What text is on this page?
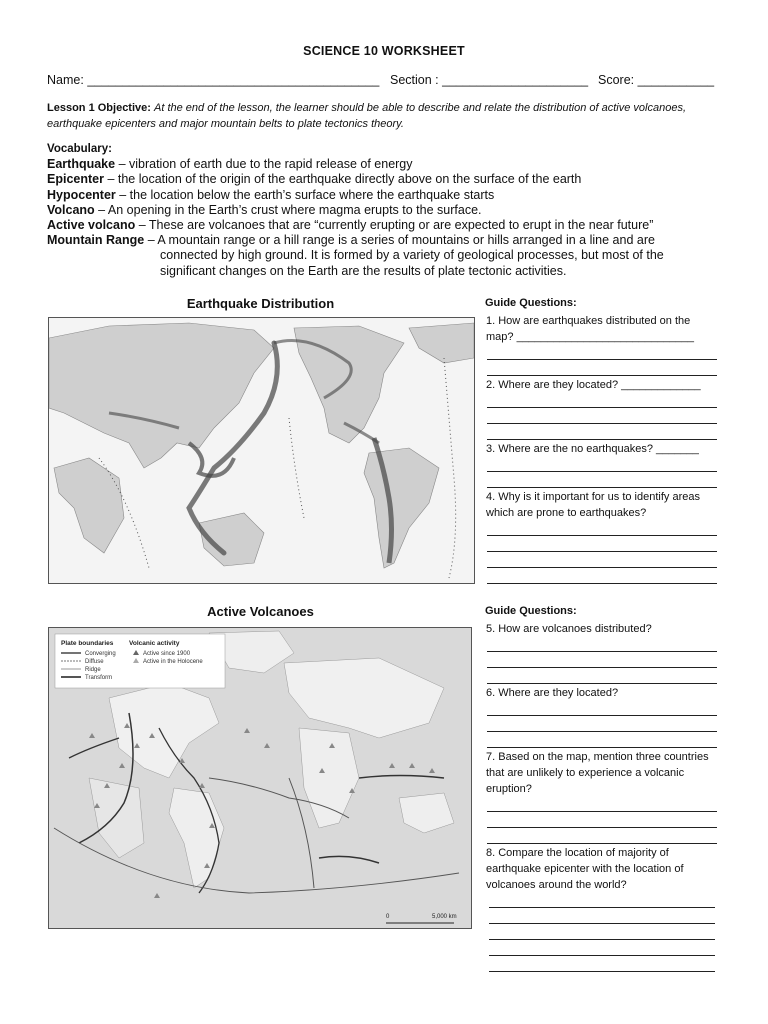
SCIENCE 10 WORKSHEET
Name: __________________________________________ Section : _____________________ Score: ___________
Lesson 1 Objective: At the end of the lesson, the learner should be able to describe and relate the distribution of active volcanoes, earthquake epicenters and major mountain belts to plate tectonics theory.
Vocabulary:
Earthquake – vibration of earth due to the rapid release of energy
Epicenter – the location of the origin of the earthquake directly above on the surface of the earth
Hypocenter – the location below the earth’s surface where the earthquake starts
Volcano – An opening in the Earth’s crust where magma erupts to the surface.
Active volcano – These are volcanoes that are “currently erupting or are expected to erupt in the near future”
Mountain Range – A mountain range or a hill range is a series of mountains or hills arranged in a line and are
connected by high ground. It is formed by a variety of geological processes, but most of the
significant changes on the Earth are the results of plate tectonic activities.
Earthquake Distribution	Guide Questions:
1. How are earthquakes distributed on the
map? _____________________________
2. Where are they located? _____________
3. Where are the no earthquakes? _______
4. Why is it important for us to identify areas which are prone to earthquakes?
Active Volcanoes
Plate boundaries Volcanic activity
Converging
Diffuse
Ridge
Transform
Active since 1900
Active in the Holocene
0	5,000 km
Guide Questions:
5. How are volcanoes distributed?
6. Where are they located?
7. Based on the map, mention three countries that are unlikely to experience a volcanic eruption?
8. Compare the location of majority of earthquake epicenter with the location of volcanoes around the world?
